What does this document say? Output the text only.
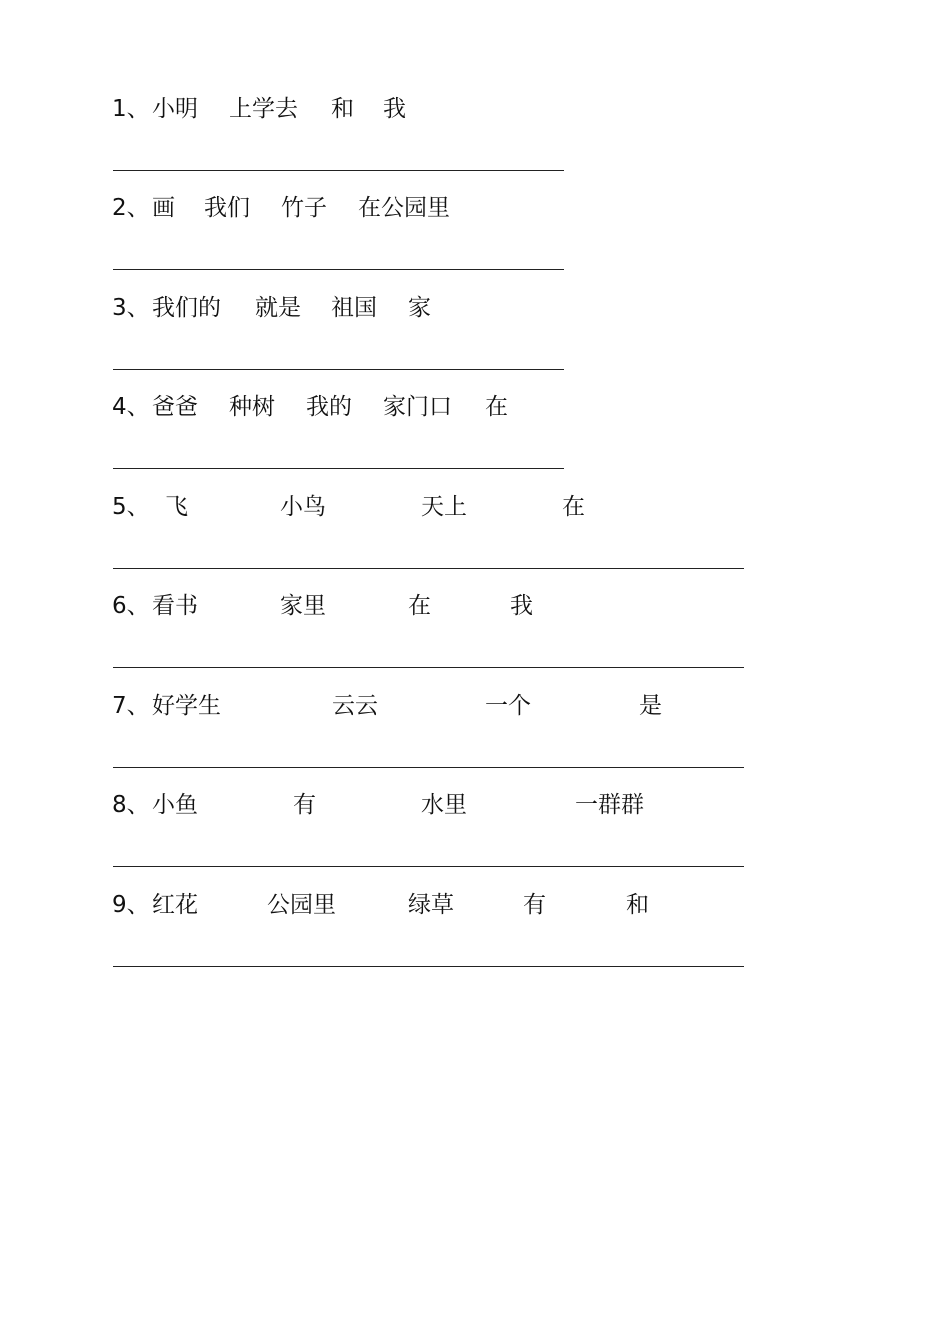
1、 小明 上学去 和 我
2、 画 我们 竹子 在公园里
3、 我们的 就是 祖国 家
4、 爸爸 种树 我的 家门口 在
5、 飞	小鸟	天上	在
6、 看书	家里	在	我
7、 好学生	云云	一个	是
8、 小鱼	有	水里	一群群
9、 红花	公园里	绿草	有	和
